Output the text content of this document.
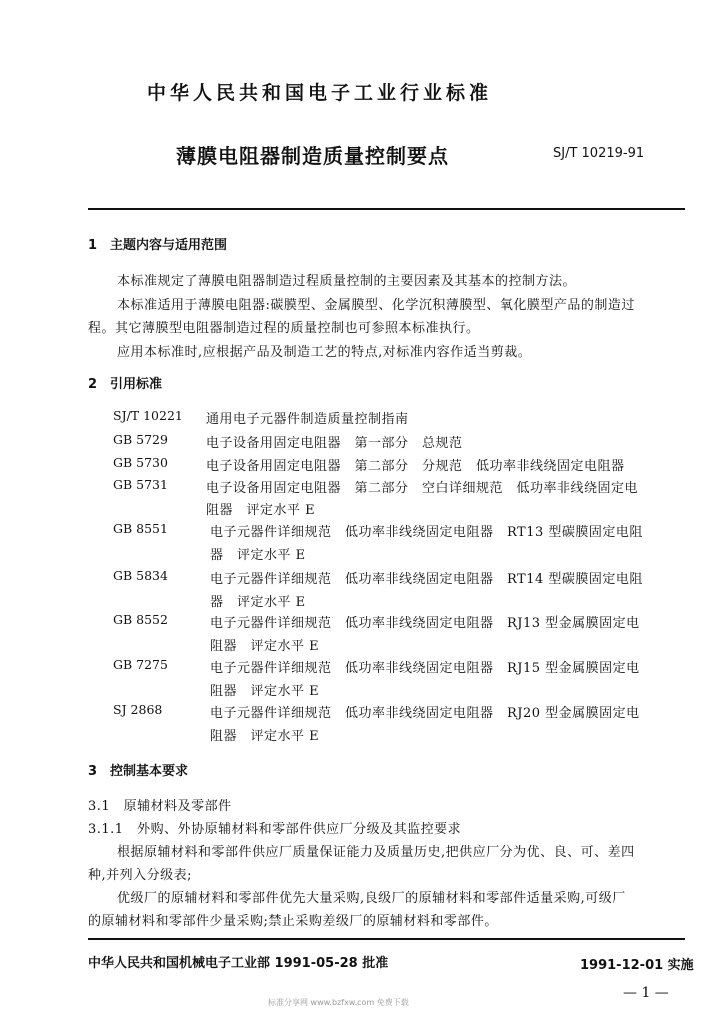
中华人民共和国电子工业行业标准
薄膜电阻器制造质量控制要点	SJ/T 10219-91
1　主题内容与适用范围
本标准规定了薄膜电阻器制造过程质量控制的主要因素及其基本的控制方法。
本标准适用于薄膜电阻器:碳膜型、金属膜型、化学沉积薄膜型、氧化膜型产品的制造过
程。其它薄膜型电阻器制造过程的质量控制也可参照本标准执行。
应用本标准时,应根据产品及制造工艺的特点,对标准内容作适当剪裁。
2　引用标准
SJ/T 10221 通用电子元器件制造质量控制指南
GB 5729	电子设备用固定电阻器　第一部分　总规范
GB 5730	电子设备用固定电阻器　第二部分　分规范　低功率非线绕固定电阻器
GB 5731	电子设备用固定电阻器　第二部分　空白详细规范　低功率非线绕固定电
阻器　评定水平 E
GB 8551	电子元器件详细规范　低功率非线绕固定电阻器　RT13 型碳膜固定电阻
器　评定水平 E
GB 5834	电子元器件详细规范　低功率非线绕固定电阻器　RT14 型碳膜固定电阻
器　评定水平 E
GB 8552	电子元器件详细规范　低功率非线绕固定电阻器　RJ13 型金属膜固定电
阻器　评定水平 E
GB 7275	电子元器件详细规范　低功率非线绕固定电阻器　RJ15 型金属膜固定电
阻器　评定水平 E
SJ 2868	电子元器件详细规范　低功率非线绕固定电阻器　RJ20 型金属膜固定电
阻器　评定水平 E
3　控制基本要求
3.1　原辅材料及零部件
3.1.1　外购、外协原辅材料和零部件供应厂分级及其监控要求
根据原辅材料和零部件供应厂质量保证能力及质量历史,把供应厂分为优、良、可、差四
种,并列入分级表;
优级厂的原辅材料和零部件优先大量采购,良级厂的原辅材料和零部件适量采购,可级厂
的原辅材料和零部件少量采购;禁止采购差级厂的原辅材料和零部件。
中华人民共和国机械电子工业部 1991-05-28 批准	1991-12-01 实施
— 1 —
标准分享网 www.bzfxw.com 免费下载
